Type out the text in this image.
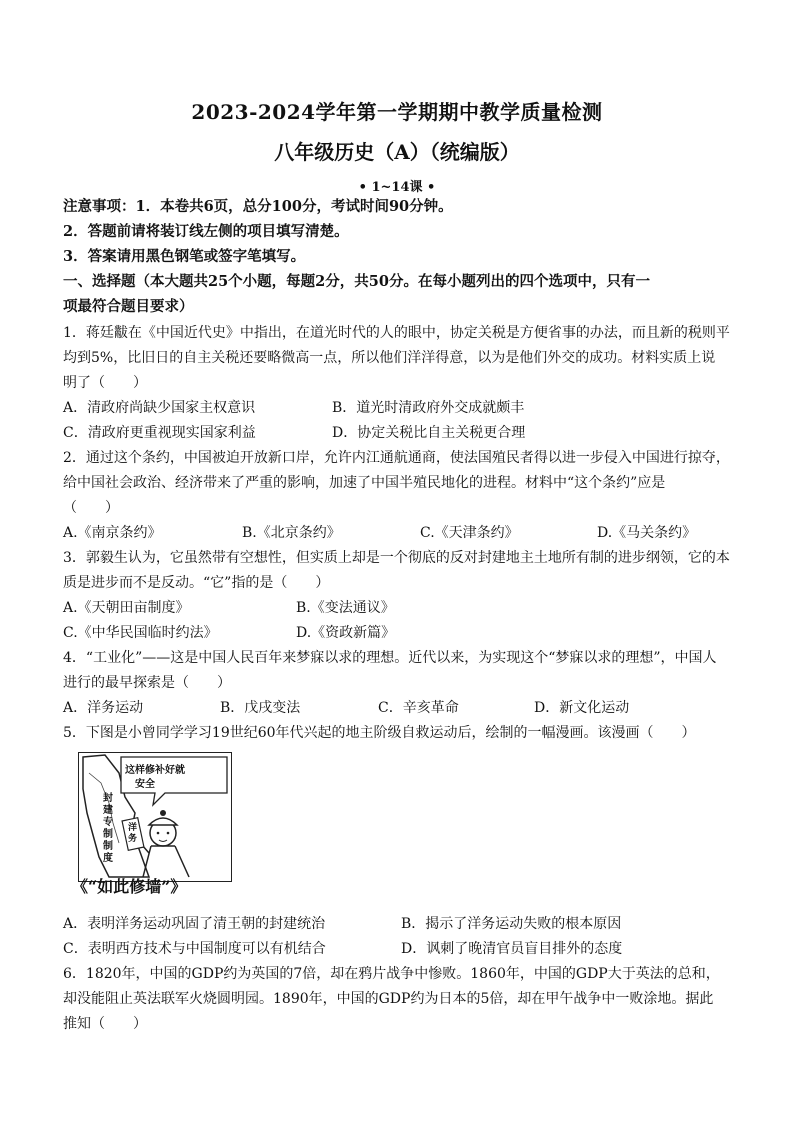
2023-2024学年第一学期期中教学质量检测
八年级历史（A）（统编版）
• 1~14课 •
注意事项：1．本卷共6页，总分100分，考试时间90分钟。
2．答题前请将装订线左侧的项目填写清楚。
3．答案请用黑色钢笔或签字笔填写。
一、选择题（本大题共25个小题，每题2分，共50分。在每小题列出的四个选项中，只有一
项最符合题目要求）
1．蒋廷黻在《中国近代史》中指出，在道光时代的人的眼中，协定关税是方便省事的办法，而且新的税则平
均到5%，比旧日的自主关税还要略微高一点，所以他们洋洋得意，以为是他们外交的成功。材料实质上说
明了（　　）
A．清政府尚缺少国家主权意识	B．道光时清政府外交成就颇丰
C．清政府更重视现实国家利益	D．协定关税比自主关税更合理
2．通过这个条约，中国被迫开放新口岸，允许内江通航通商，使法国殖民者得以进一步侵入中国进行掠夺，
给中国社会政治、经济带来了严重的影响，加速了中国半殖民地化的进程。材料中“这个条约”应是
（　　）
A.《南京条约》	B.《北京条约》	C.《天津条约》	D.《马关条约》
3．郭毅生认为，它虽然带有空想性，但实质上却是一个彻底的反对封建地主土地所有制的进步纲领，它的本
质是进步而不是反动。“它”指的是（　　）
A.《天朝田亩制度》	B.《变法通议》
C.《中华民国临时约法》	D.《资政新篇》
4．“工业化”——这是中国人民百年来梦寐以求的理想。近代以来，为实现这个“梦寐以求的理想”，中国人
进行的最早探索是（　　）
A．洋务运动	B．戊戌变法	C．辛亥革命	D．新文化运动
5．下图是小曾同学学习19世纪60年代兴起的地主阶级自救运动后，绘制的一幅漫画。该漫画（　　）
这样修补好就
安全
封建专制制度
洋务
《“如此修墙”》
A．表明洋务运动巩固了清王朝的封建统治	B．揭示了洋务运动失败的根本原因
C．表明西方技术与中国制度可以有机结合	D．讽刺了晚清官员盲目排外的态度
6．1820年，中国的GDP约为英国的7倍，却在鸦片战争中惨败。1860年，中国的GDP大于英法的总和，
却没能阻止英法联军火烧圆明园。1890年，中国的GDP约为日本的5倍，却在甲午战争中一败涂地。据此
推知（　　）
